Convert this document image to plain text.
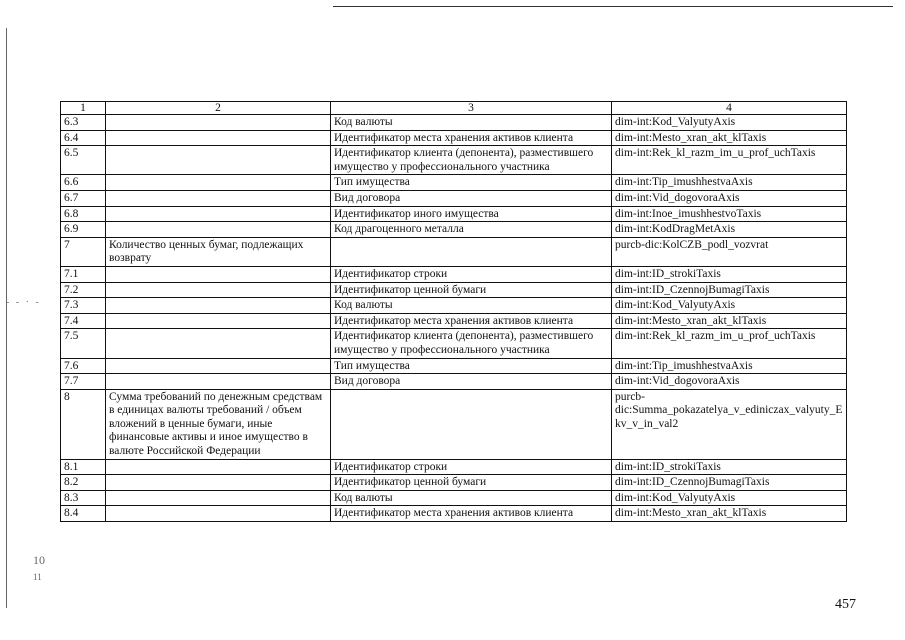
- - · -
10
11
1	2	3	4
6.3		Код валюты	dim-int:Kod_ValyutyAxis
6.4		Идентификатор места хранения активов клиента	dim-int:Mesto_xran_akt_klTaxis
6.5		Идентификатор клиента (депонента), разместившего имущество у профессионального участника	dim-int:Rek_kl_razm_im_u_prof_uchTaxis
6.6		Тип имущества	dim-int:Tip_imushhestvaAxis
6.7		Вид договора	dim-int:Vid_dogovoraAxis
6.8		Идентификатор иного имущества	dim-int:Inoe_imushhestvoTaxis
6.9		Код драгоценного металла	dim-int:KodDragMetAxis
7	Количество ценных бумаг, подлежащих возврату		purcb-dic:KolCZB_podl_vozvrat
7.1		Идентификатор строки	dim-int:ID_strokiTaxis
7.2		Идентификатор ценной бумаги	dim-int:ID_CzennojBumagiTaxis
7.3		Код валюты	dim-int:Kod_ValyutyAxis
7.4		Идентификатор места хранения активов клиента	dim-int:Mesto_xran_akt_klTaxis
7.5		Идентификатор клиента (депонента), разместившего имущество у профессионального участника	dim-int:Rek_kl_razm_im_u_prof_uchTaxis
7.6		Тип имущества	dim-int:Tip_imushhestvaAxis
7.7		Вид договора	dim-int:Vid_dogovoraAxis
8	Сумма требований по денежным средствам в единицах валюты требований / объем вложений в ценные бумаги, иные финансовые активы и иное имущество в валюте Российской Федерации		purcb-dic:Summa_pokazatelya_v_ediniczax_valyuty_Ekv_v_in_val2
8.1		Идентификатор строки	dim-int:ID_strokiTaxis
8.2		Идентификатор ценной бумаги	dim-int:ID_CzennojBumagiTaxis
8.3		Код валюты	dim-int:Kod_ValyutyAxis
8.4		Идентификатор места хранения активов клиента	dim-int:Mesto_xran_akt_klTaxis
457
